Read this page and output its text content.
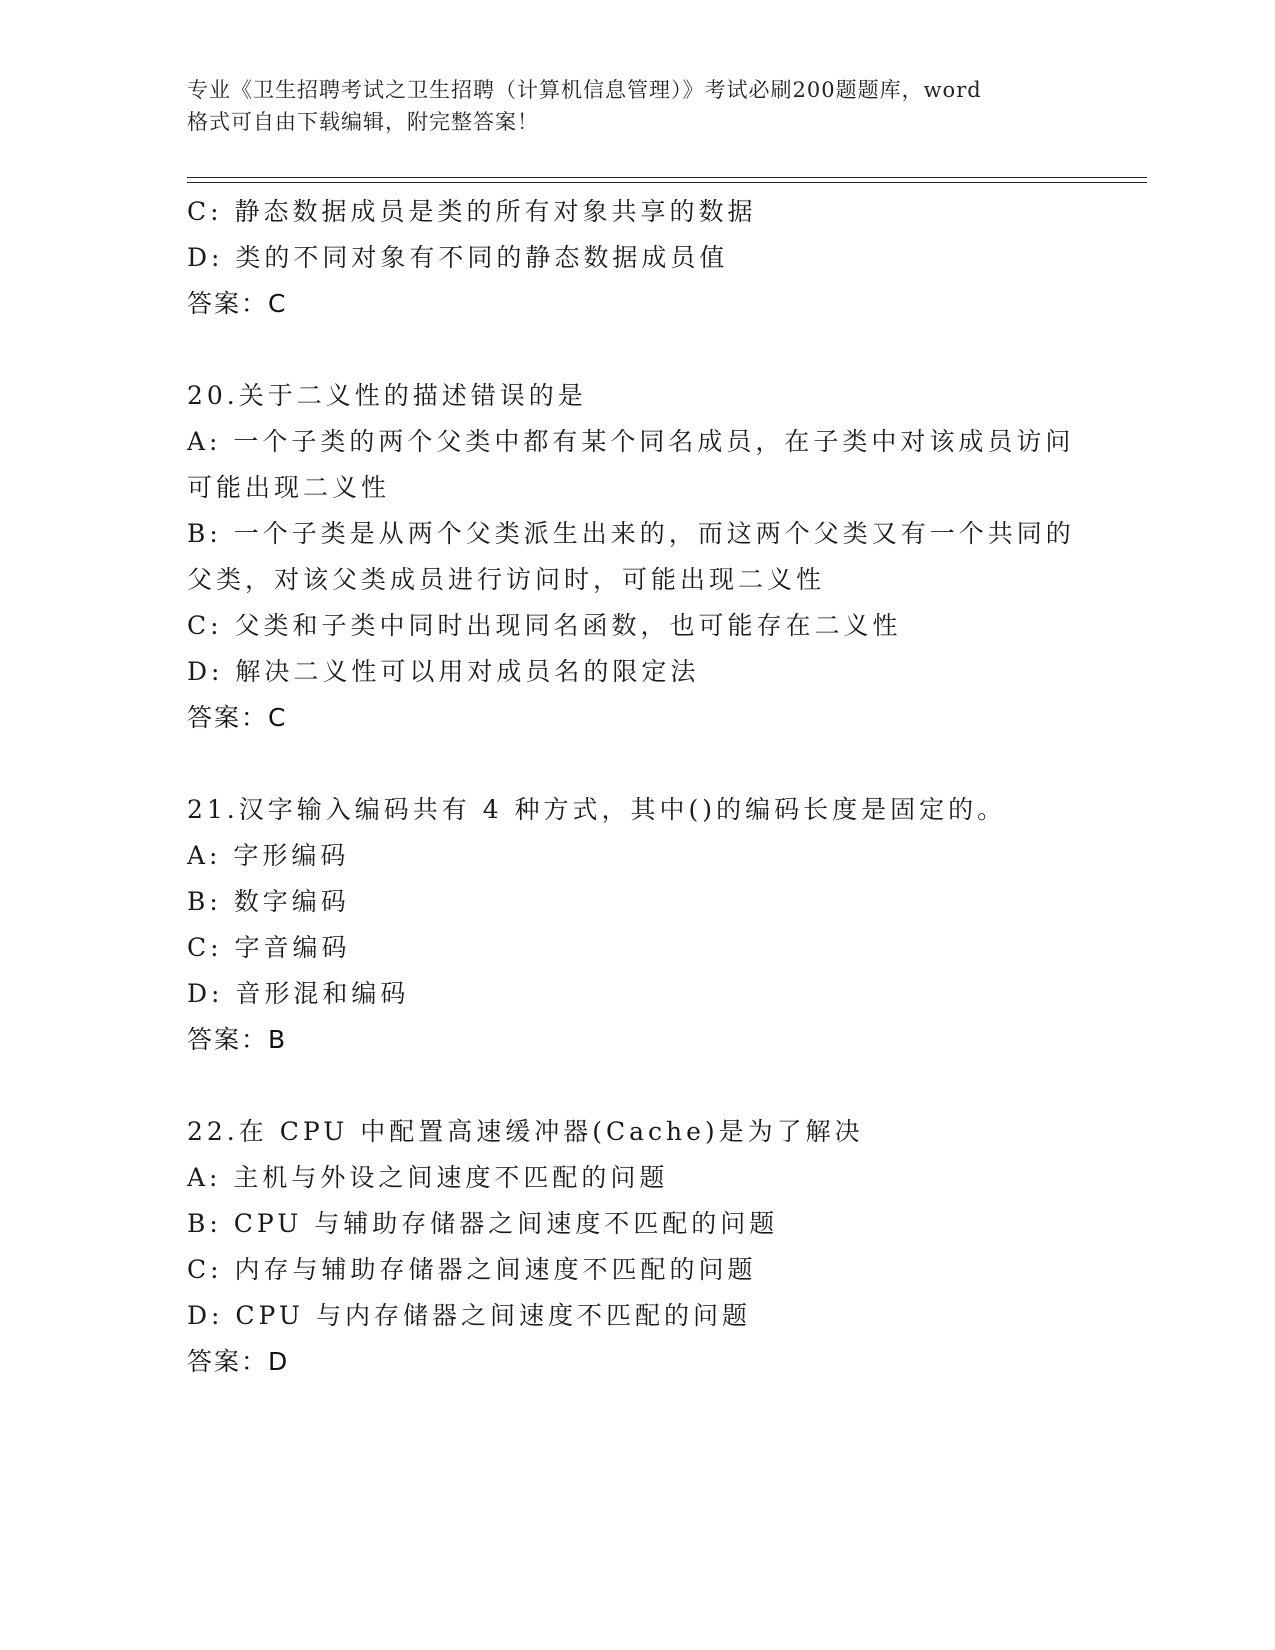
专业《卫生招聘考试之卫生招聘（计算机信息管理）》考试必刷200题题库，word
格式可自由下载编辑，附完整答案！
C: 静态数据成员是类的所有对象共享的数据
D: 类的不同对象有不同的静态数据成员值
答案：C
20.关于二义性的描述错误的是
A: 一个子类的两个父类中都有某个同名成员，在子类中对该成员访问
可能出现二义性
B: 一个子类是从两个父类派生出来的，而这两个父类又有一个共同的
父类，对该父类成员进行访问时，可能出现二义性
C: 父类和子类中同时出现同名函数，也可能存在二义性
D: 解决二义性可以用对成员名的限定法
答案：C
21.汉字输入编码共有 4 种方式，其中()的编码长度是固定的。
A: 字形编码
B: 数字编码
C: 字音编码
D: 音形混和编码
答案：B
22.在 CPU 中配置高速缓冲器(Cache)是为了解决
A: 主机与外设之间速度不匹配的问题
B: CPU 与辅助存储器之间速度不匹配的问题
C: 内存与辅助存储器之间速度不匹配的问题
D: CPU 与内存储器之间速度不匹配的问题
答案：D
